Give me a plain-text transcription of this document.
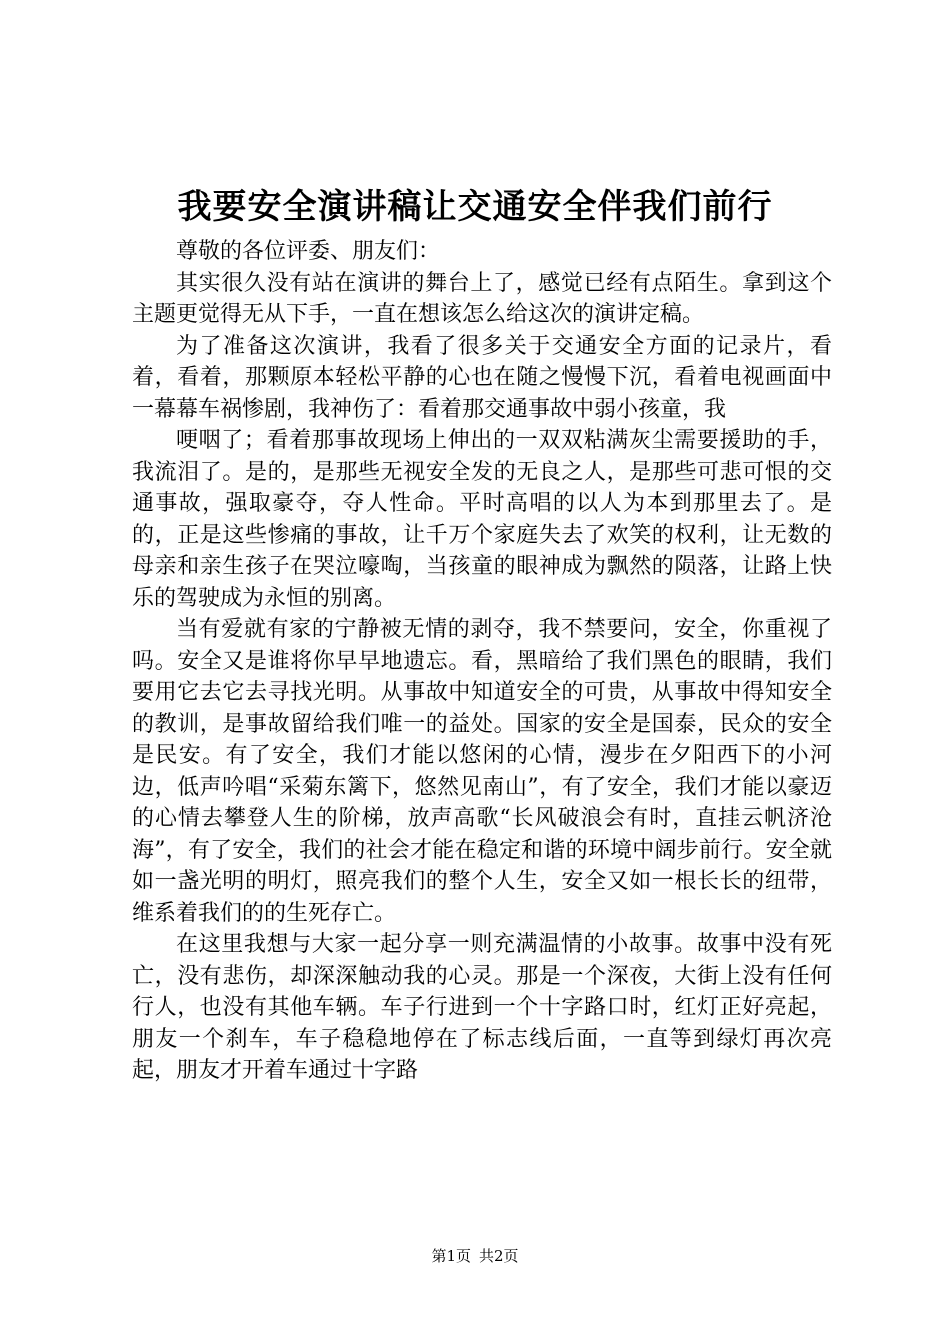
我要安全演讲稿让交通安全伴我们前行

尊敬的各位评委、朋友们：

其实很久没有站在演讲的舞台上了，感觉已经有点陌生。拿到这个主题更觉得无从下手，一直在想该怎么给这次的演讲定稿。

为了准备这次演讲，我看了很多关于交通安全方面的记录片，看着，看着，那颗原本轻松平静的心也在随之慢慢下沉，看着电视画面中一幕幕车祸惨剧，我神伤了：看着那交通事故中弱小孩童，我

哽咽了；看着那事故现场上伸出的一双双粘满灰尘需要援助的手，我流泪了。是的，是那些无视安全发的无良之人，是那些可悲可恨的交通事故，强取豪夺，夺人性命。平时高唱的以人为本到那里去了。是的，正是这些惨痛的事故，让千万个家庭失去了欢笑的权利，让无数的母亲和亲生孩子在哭泣嚎啕，当孩童的眼神成为飘然的陨落，让路上快乐的驾驶成为永恒的别离。

当有爱就有家的宁静被无情的剥夺，我不禁要问，安全，你重视了吗。安全又是谁将你早早地遗忘。看，黑暗给了我们黑色的眼睛，我们要用它去它去寻找光明。从事故中知道安全的可贵，从事故中得知安全的教训，是事故留给我们唯一的益处。国家的安全是国泰，民众的安全是民安。有了安全，我们才能以悠闲的心情，漫步在夕阳西下的小河边，低声吟唱“采菊东篱下，悠然见南山”，有了安全，我们才能以豪迈的心情去攀登人生的阶梯，放声高歌“长风破浪会有时，直挂云帆济沧海”，有了安全，我们的社会才能在稳定和谐的环境中阔步前行。安全就如一盏光明的明灯，照亮我们的整个人生，安全又如一根长长的纽带，维系着我们的的生死存亡。

在这里我想与大家一起分享一则充满温情的小故事。故事中没有死亡，没有悲伤，却深深触动我的心灵。那是一个深夜，大街上没有任何行人，也没有其他车辆。车子行进到一个十字路口时，红灯正好亮起，朋友一个刹车，车子稳稳地停在了标志线后面，一直等到绿灯再次亮起，朋友才开着车通过十字路

第1页 共2页
